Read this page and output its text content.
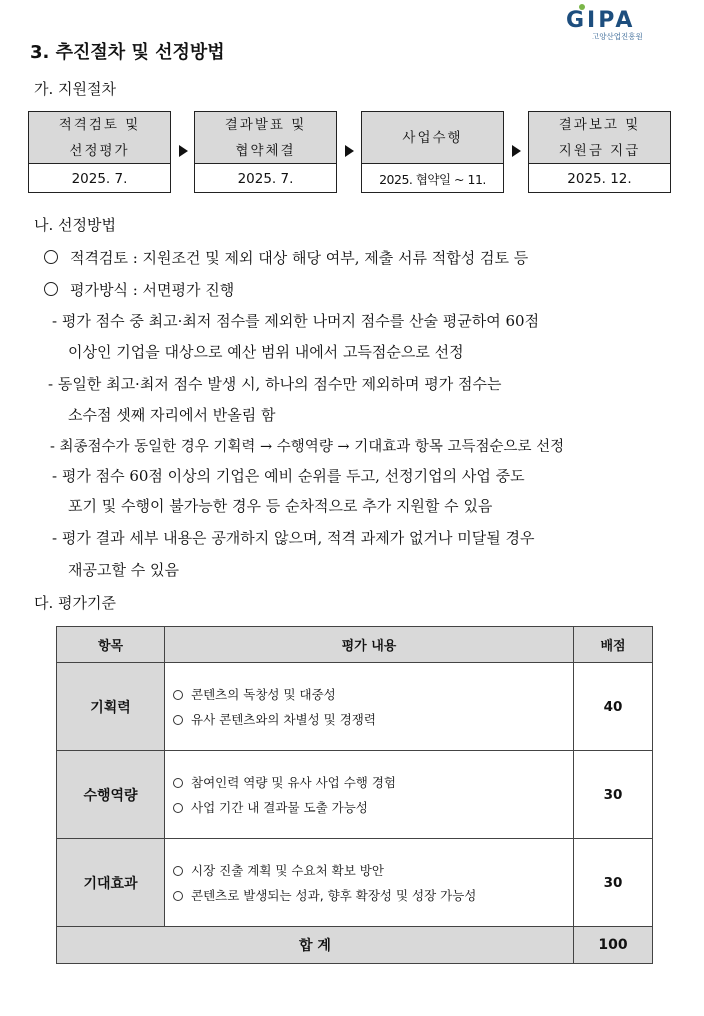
GIPA
고양산업진흥원
3. 추진절차 및 선정방법
가. 지원절차
적격검토 및
선정평가
2025. 7.
결과발표 및
협약체결
2025. 7.
사업수행
2025. 협약일 ~ 11.
결과보고 및
지원금 지급
2025. 12.
나. 선정방법
적격검토 : 지원조건 및 제외 대상 해당 여부, 제출 서류 적합성 검토 등
평가방식 : 서면평가 진행
- 평가 점수 중 최고·최저 점수를 제외한 나머지 점수를 산술 평균하여 60점
이상인 기업을 대상으로 예산 범위 내에서 고득점순으로 선정
- 동일한 최고·최저 점수 발생 시, 하나의 점수만 제외하며 평가 점수는
소수점 셋째 자리에서 반올림 함
- 최종점수가 동일한 경우 기획력 → 수행역량 → 기대효과 항목 고득점순으로 선정
- 평가 점수 60점 이상의 기업은 예비 순위를 두고, 선정기업의 사업 중도
포기 및 수행이 불가능한 경우 등 순차적으로 추가 지원할 수 있음
- 평가 결과 세부 내용은 공개하지 않으며, 적격 과제가 없거나 미달될 경우
재공고할 수 있음
다. 평가기준
항목	평가 내용	배점
기획력	콘텐츠의 독창성 및 대중성
유사 콘텐츠와의 차별성 및 경쟁력	40
수행역량	참여인력 역량 및 유사 사업 수행 경험
사업 기간 내 결과물 도출 가능성	30
기대효과	시장 진출 계획 및 수요처 확보 방안
콘텐츠로 발생되는 성과, 향후 확장성 및 성장 가능성	30
합 계		100
